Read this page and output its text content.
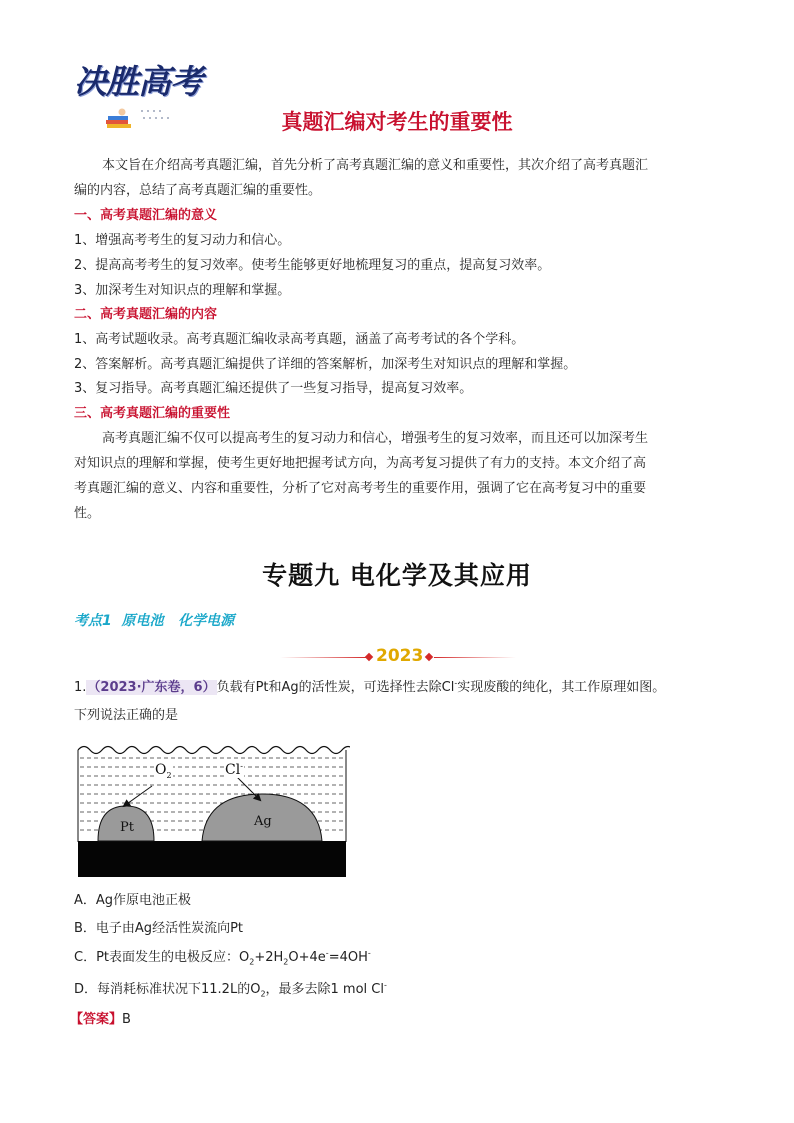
决胜高考
真题汇编对考生的重要性
本文旨在介绍高考真题汇编，首先分析了高考真题汇编的意义和重要性，其次介绍了高考真题汇
编的内容，总结了高考真题汇编的重要性。
一、高考真题汇编的意义
1、增强高考考生的复习动力和信心。
2、提高高考考生的复习效率。使考生能够更好地梳理复习的重点，提高复习效率。
3、加深考生对知识点的理解和掌握。
二、高考真题汇编的内容
1、高考试题收录。高考真题汇编收录高考真题，涵盖了高考考试的各个学科。
2、答案解析。高考真题汇编提供了详细的答案解析，加深考生对知识点的理解和掌握。
3、复习指导。高考真题汇编还提供了一些复习指导，提高复习效率。
三、高考真题汇编的重要性
高考真题汇编不仅可以提高考生的复习动力和信心，增强考生的复习效率，而且还可以加深考生
对知识点的理解和掌握，使考生更好地把握考试方向，为高考复习提供了有力的支持。本文介绍了高
考真题汇编的意义、内容和重要性，分析了它对高考考生的重要作用，强调了它在高考复习中的重要
性。
专题九 电化学及其应用
考点1  原电池   化学电源
2023
1.（2023·广东卷，6）负载有Pt和Ag的活性炭，可选择性去除Cl-实现废酸的纯化，其工作原理如图。
下列说法正确的是
$O_2$	Cl-
Pt	Ag
A．Ag作原电池正极
B．电子由Ag经活性炭流向Pt
C．Pt表面发生的电极反应：$O_2+2H_2O+4e^-=4OH^-$
D．每消耗标准状况下11.2L的$O_2$，最多去除1 mol Cl-
【答案】B
